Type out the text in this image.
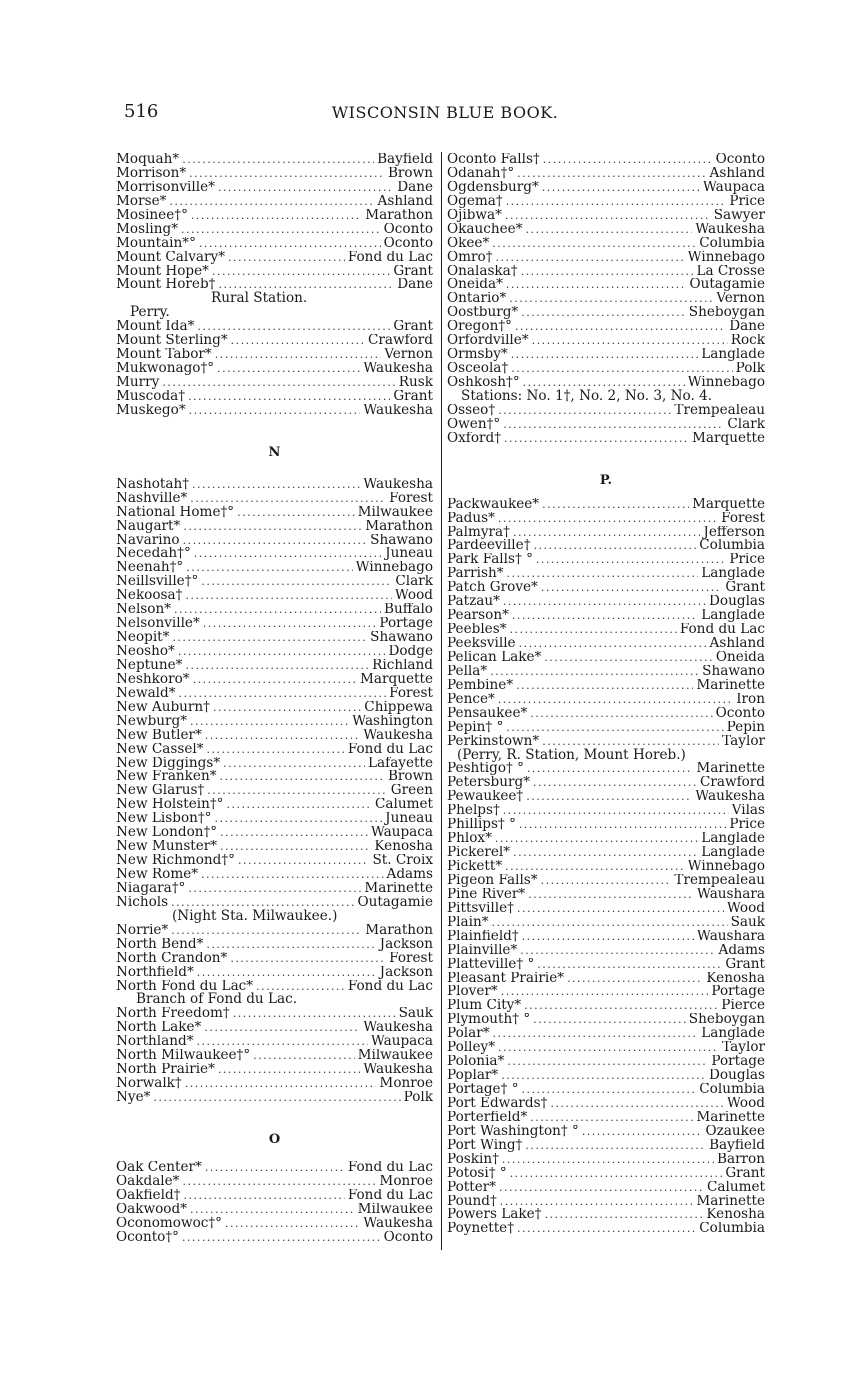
516	WISCONSIN BLUE BOOK.
Moquah* .....	Bayfield
Morrison* .....	Brown
Morrisonville* .....	Dane
Morse* .....	Ashland
Mosinee†° .....	Marathon
Mosling* .....	Oconto
Mountain*° .....	Oconto
Mount Calvary* .....	Fond du Lac
Mount Hope* .....	Grant
Mount Horeb† .....	Dane
Rural Station.
Perry.
Mount Ida* .....	Grant
Mount Sterling* .....	Crawford
Mount Tabor* .....	Vernon
Mukwonago†° .....	Waukesha
Murry .....	Rusk
Muscoda† .....	Grant
Muskego* .....	Waukesha
N
Nashotah† .....	Waukesha
Nashville* .....	Forest
National Home†° .....	Milwaukee
Naugart* .....	Marathon
Navarino .....	Shawano
Necedah†° .....	Juneau
Neenah†° .....	Winnebago
Neillsville†° .....	Clark
Nekoosa† .....	Wood
Nelson* .....	Buffalo
Nelsonville* .....	Portage
Neopit* .....	Shawano
Neosho* .....	Dodge
Neptune* .....	Richland
Neshkoro* .....	Marquette
Newald* .....	Forest
New Auburn† .....	Chippewa
Newburg* .....	Washington
New Butler* .....	Waukesha
New Cassel* .....	Fond du Lac
New Diggings* .....	Lafayette
New Franken* .....	Brown
New Glarus† .....	Green
New Holstein†° .....	Calumet
New Lisbon†° .....	Juneau
New London†° .....	Waupaca
New Munster* .....	Kenosha
New Richmond†° .....	St. Croix
New Rome* .....	Adams
Niagara†° .....	Marinette
Nichols .....	Outagamie
(Night Sta. Milwaukee.)
Norrie* .....	Marathon
North Bend* .....	Jackson
North Crandon* .....	Forest
Northfield* .....	Jackson
North Fond du Lac* .....	Fond du Lac
Branch of Fond du Lac.
North Freedom† .....	Sauk
North Lake* .....	Waukesha
Northland* .....	Waupaca
North Milwaukee†° .....	Milwaukee
North Prairie* .....	Waukesha
Norwalk† .....	Monroe
Nye* .....	Polk
O
Oak Center* .....	Fond du Lac
Oakdale* .....	Monroe
Oakfield† .....	Fond du Lac
Oakwood* .....	Milwaukee
Oconomowoc†° .....	Waukesha
Oconto†° .....	Oconto
Oconto Falls† .....	Oconto
Odanah†° .....	Ashland
Ogdensburg* .....	Waupaca
Ogema† .....	Price
Ojibwa* .....	Sawyer
Okauchee* .....	Waukesha
Okee* .....	Columbia
Omro† .....	Winnebago
Onalaska† .....	La Crosse
Oneida* .....	Outagamie
Ontario* .....	Vernon
Oostburg* .....	Sheboygan
Oregon†° .....	Dane
Orfordville* .....	Rock
Ormsby* .....	Langlade
Osceola† .....	Polk
Oshkosh†° .....	Winnebago
Stations: No. 1†, No. 2, No. 3, No. 4.
Osseo† .....	Trempealeau
Owen†° .....	Clark
Oxford† .....	Marquette
P.
Packwaukee* .....	Marquette
Padus* .....	Forest
Palmyra† .....	Jefferson
Pardeeville† .....	Columbia
Park Falls† ° .....	Price
Parrish* .....	Langlade
Patch Grove* .....	Grant
Patzau* .....	Douglas
Pearson* .....	Langlade
Peebles* .....	Fond du Lac
Peeksville .....	Ashland
Pelican Lake* .....	Oneida
Pella* .....	Shawano
Pembine* .....	Marinette
Pence* .....	Iron
Pensaukee* .....	Oconto
Pepin† ° .....	Pepin
Perkinstown* .....	Taylor
(Perry, R. Station, Mount Horeb.)
Peshtigo† ° .....	Marinette
Petersburg* .....	Crawford
Pewaukee† .....	Waukesha
Phelps† .....	Vilas
Phillips† ° .....	Price
Phlox* .....	Langlade
Pickerel* .....	Langlade
Pickett* .....	Winnebago
Pigeon Falls* .....	Trempealeau
Pine River* .....	Waushara
Pittsville† .....	Wood
Plain* .....	Sauk
Plainfield† .....	Waushara
Plainville* .....	Adams
Platteville† ° .....	Grant
Pleasant Prairie* .....	Kenosha
Plover* .....	Portage
Plum City* .....	Pierce
Plymouth† ° .....	Sheboygan
Polar* .....	Langlade
Polley* .....	Taylor
Polonia* .....	Portage
Poplar* .....	Douglas
Portage† ° .....	Columbia
Port Edwards† .....	Wood
Porterfield* .....	Marinette
Port Washington† ° .....	Ozaukee
Port Wing† .....	Bayfield
Poskin† .....	Barron
Potosi† ° .....	Grant
Potter* .....	Calumet
Pound† .....	Marinette
Powers Lake† .....	Kenosha
Poynette† .....	Columbia
